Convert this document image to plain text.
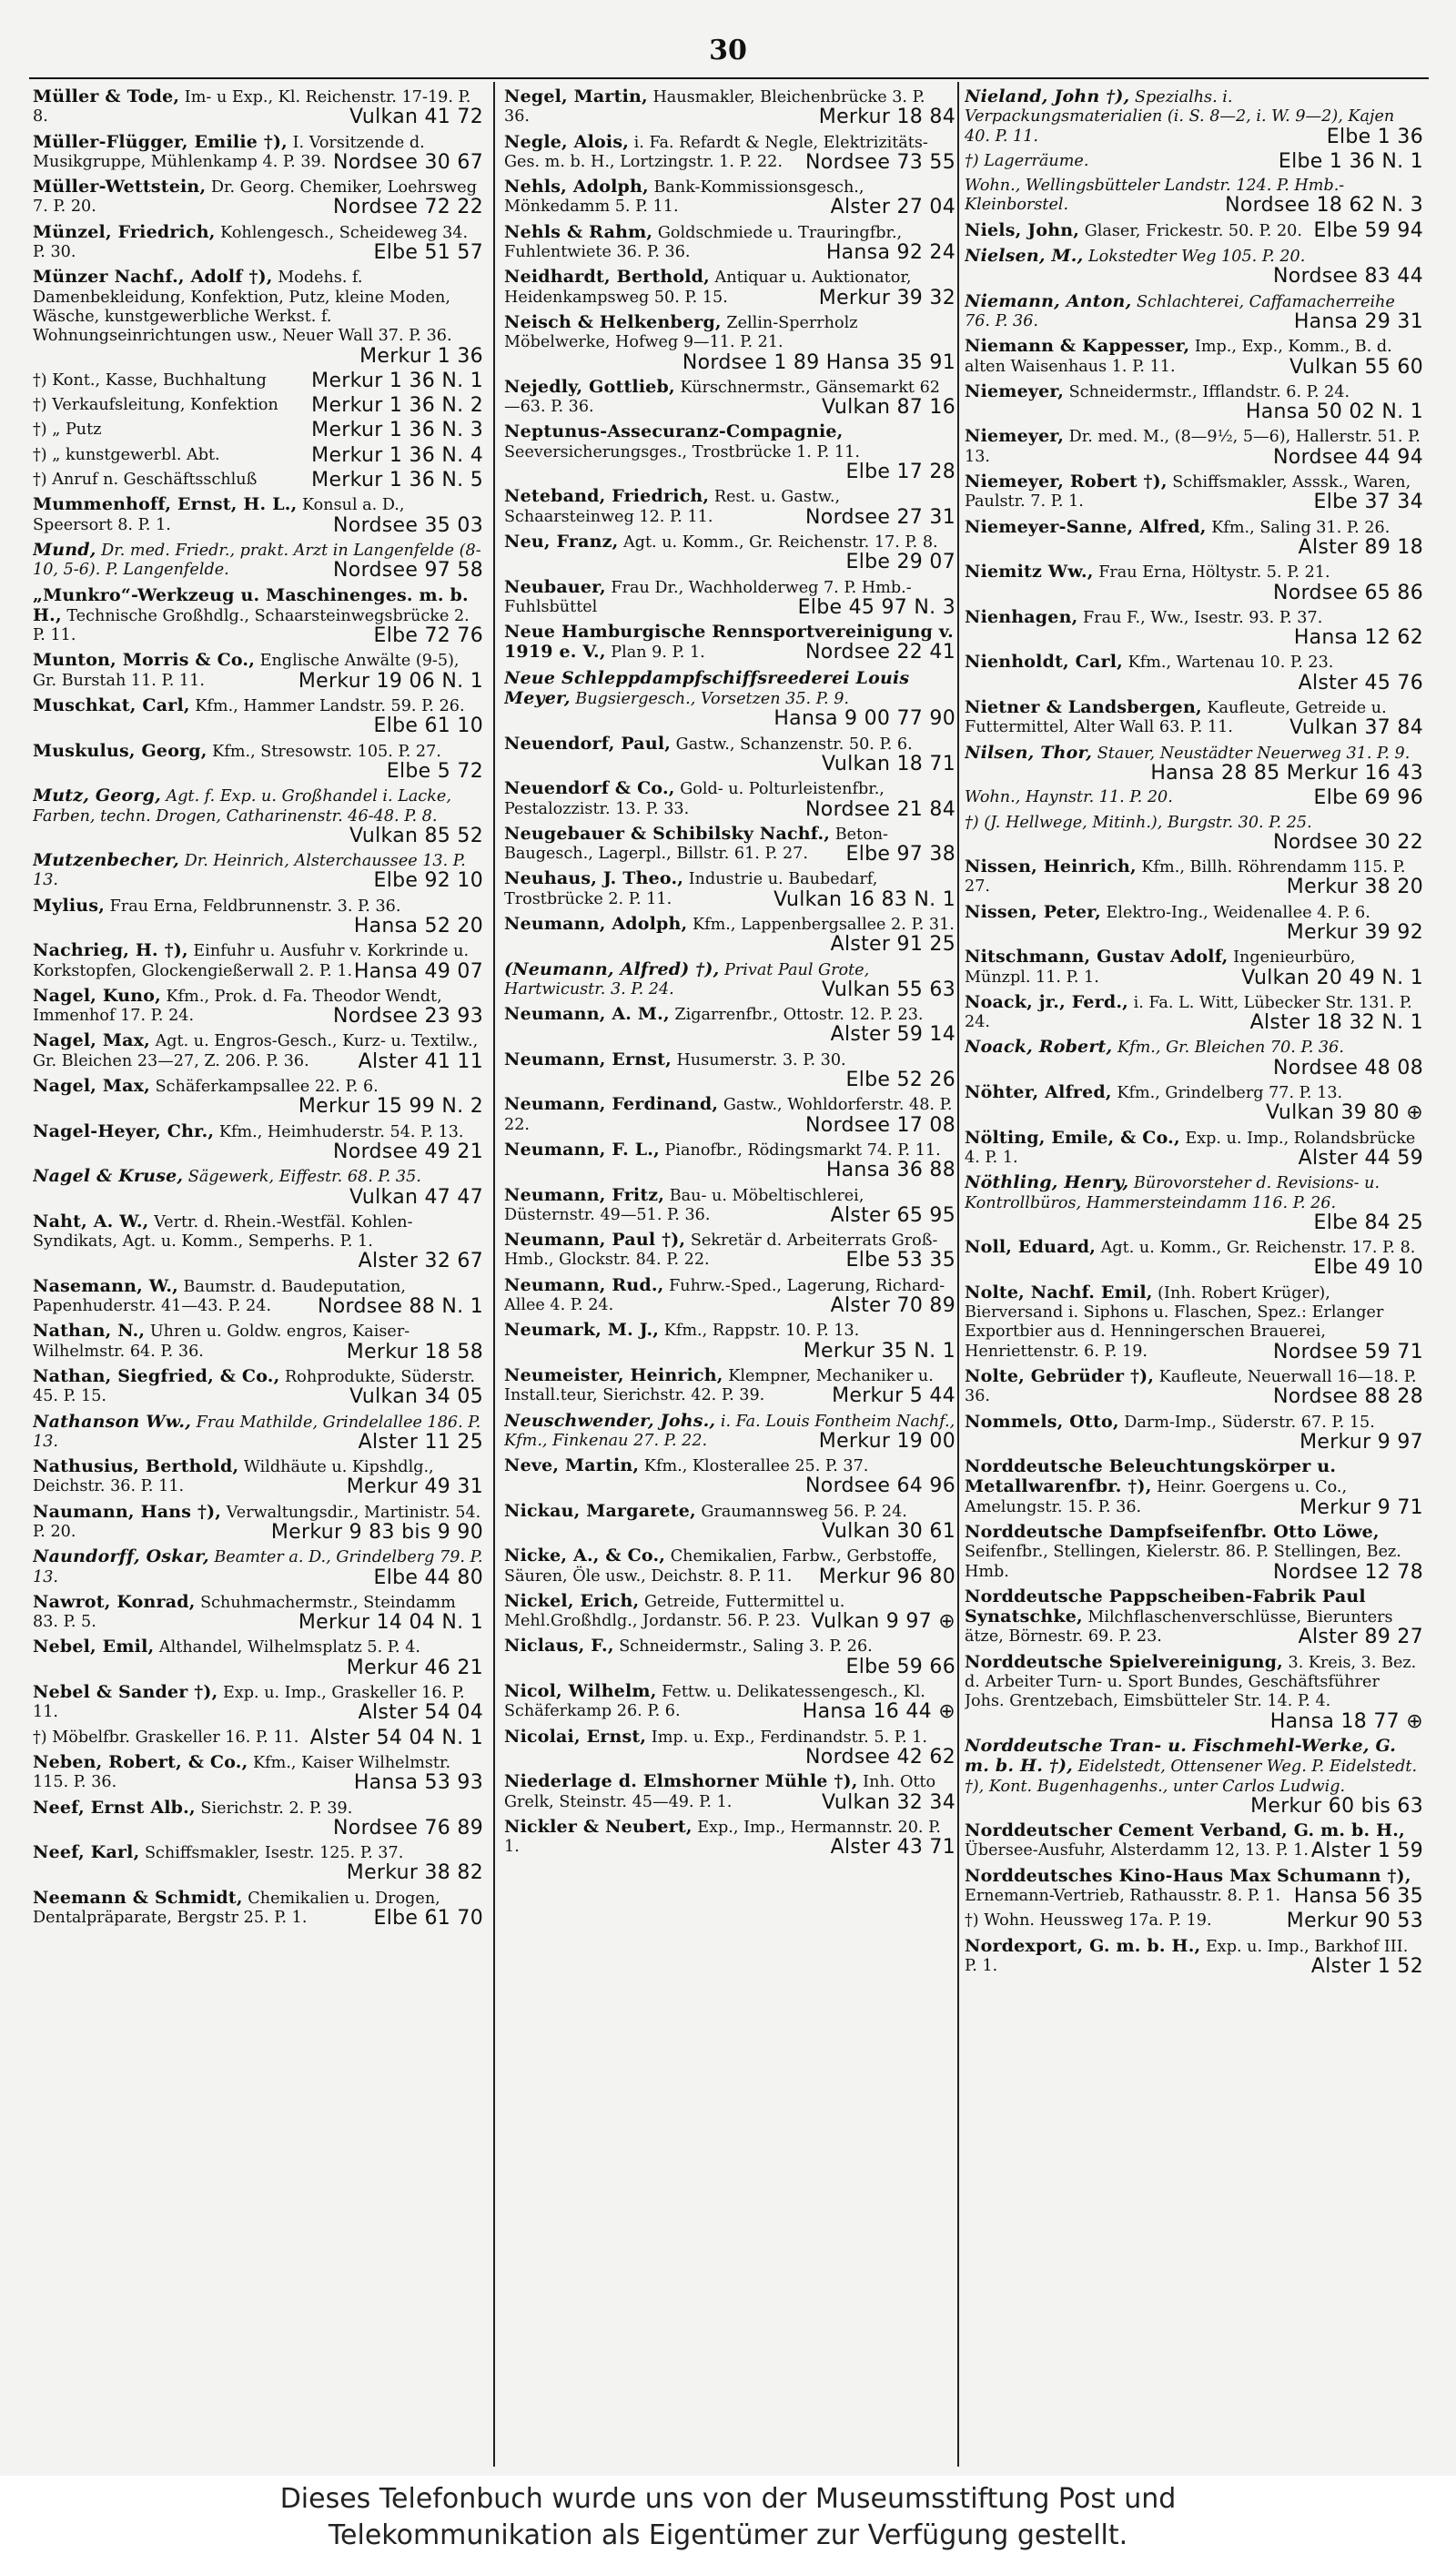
30
Müller & Tode, Im- u Exp., Kl. Reichenstr. 17-19. P. 8.	Vulkan 41 72
Müller-Flügger, Emilie †), I. Vorsitzende d. Musikgruppe, Mühlenkamp 4. P. 39. Nordsee 30 67
Müller-Wettstein, Dr. Georg. Chemiker, Loehrsweg 7. P. 20.	Nordsee 72 22
Münzel, Friedrich, Kohlengesch., Scheideweg 34. P. 30.	Elbe 51 57
Münzer Nachf., Adolf †), Modehs. f. Damenbekleidung, Konfektion, Putz, kleine Moden, Wäsche, kunstgewerbliche Werkst. f. Wohnungseinrichtungen usw., Neuer Wall 37. P. 36.
Merkur 1 36
†) Kont., Kasse, Buchhaltung Merkur 1 36 N. 1
†) Verkaufsleitung, Konfektion Merkur 1 36 N. 2
†) „ Putz	Merkur 1 36 N. 3
†) „ kunstgewerbl. Abt.	Merkur 1 36 N. 4
†) Anruf n. Geschäftsschluß	Merkur 1 36 N. 5
Mummenhoff, Ernst, H. L., Konsul a. D., Speersort 8. P. 1.	Nordsee 35 03
Mund, Dr. med. Friedr., prakt. Arzt in Langenfelde (8-10, 5-6). P. Langenfelde.	Nordsee 97 58
„Munkro“-Werkzeug u. Maschinenges. m. b. H., Technische Großhdlg., Schaarsteinwegsbrücke 2. P. 11.	Elbe 72 76
Munton, Morris & Co., Englische Anwälte (9-5), Gr. Burstah 11. P. 11.	Merkur 19 06 N. 1
Muschkat, Carl, Kfm., Hammer Landstr. 59. P. 26.
Elbe 61 10
Muskulus, Georg, Kfm., Stresowstr. 105. P. 27.
Elbe 5 72
Mutz, Georg, Agt. f. Exp. u. Großhandel i. Lacke, Farben, techn. Drogen, Catharinenstr. 46-48. P. 8.
Vulkan 85 52
Mutzenbecher, Dr. Heinrich, Alsterchaussee 13. P. 13.	Elbe 92 10
Mylius, Frau Erna, Feldbrunnenstr. 3. P. 36.
Hansa 52 20
Nachrieg, H. †), Einfuhr u. Ausfuhr v. Korkrinde u. Korkstopfen, Glockengießerwall 2. P. 1. Hansa 49 07
Nagel, Kuno, Kfm., Prok. d. Fa. Theodor Wendt, Immenhof 17. P. 24.	Nordsee 23 93
Nagel, Max, Agt. u. Engros-Gesch., Kurz- u. Textilw., Gr. Bleichen 23—27, Z. 206. P. 36. Alster 41 11
Nagel, Max, Schäferkampsallee 22. P. 6.
Merkur 15 99 N. 2
Nagel-Heyer, Chr., Kfm., Heimhuderstr. 54. P. 13.
Nordsee 49 21
Nagel & Kruse, Sägewerk, Eiffestr. 68. P. 35.
Vulkan 47 47
Naht, A. W., Vertr. d. Rhein.-Westfäl. Kohlen-Syndikats, Agt. u. Komm., Semperhs. P. 1.
Alster 32 67
Nasemann, W., Baumstr. d. Baudeputation, Papenhuderstr. 41—43. P. 24. Nordsee 88 N. 1
Nathan, N., Uhren u. Goldw. engros, Kaiser-Wilhelmstr. 64. P. 36.	Merkur 18 58
Nathan, Siegfried, & Co., Rohprodukte, Süderstr. 45. P. 15.	Vulkan 34 05
Nathanson Ww., Frau Mathilde, Grindelallee 186. P. 13.	Alster 11 25
Nathusius, Berthold, Wildhäute u. Kipshdlg., Deichstr. 36. P. 11.	Merkur 49 31
Naumann, Hans †), Verwaltungsdir., Martinistr. 54. P. 20.	Merkur 9 83 bis 9 90
Naundorff, Oskar, Beamter a. D., Grindelberg 79. P. 13.	Elbe 44 80
Nawrot, Konrad, Schuhmachermstr., Steindamm 83. P. 5.	Merkur 14 04 N. 1
Nebel, Emil, Althandel, Wilhelmsplatz 5. P. 4.
Merkur 46 21
Nebel & Sander †), Exp. u. Imp., Graskeller 16. P. 11.	Alster 54 04
†) Möbelfbr. Graskeller 16. P. 11. Alster 54 04 N. 1
Neben, Robert, & Co., Kfm., Kaiser Wilhelmstr. 115. P. 36.	Hansa 53 93
Neef, Ernst Alb., Sierichstr. 2. P. 39.
Nordsee 76 89
Neef, Karl, Schiffsmakler, Isestr. 125. P. 37.
Merkur 38 82
Neemann & Schmidt, Chemikalien u. Drogen, Dentalpräparate, Bergstr 25. P. 1.	Elbe 61 70
Negel, Martin, Hausmakler, Bleichenbrücke 3. P. 36.	Merkur 18 84
Negle, Alois, i. Fa. Refardt & Negle, Elektrizitäts-Ges. m. b. H., Lortzingstr. 1. P. 22. Nordsee 73 55
Nehls, Adolph, Bank-Kommissionsgesch., Mönkedamm 5. P. 11.	Alster 27 04
Nehls & Rahm, Goldschmiede u. Trauringfbr., Fuhlentwiete 36. P. 36.	Hansa 92 24
Neidhardt, Berthold, Antiquar u. Auktionator, Heidenkampsweg 50. P. 15.	Merkur 39 32
Neisch & Helkenberg, Zellin-Sperrholz Möbelwerke, Hofweg 9—11. P. 21.
Nordsee 1 89 Hansa 35 91
Nejedly, Gottlieb, Kürschnermstr., Gänsemarkt 62—63. P. 36.	Vulkan 87 16
Neptunus-Assecuranz-Compagnie, Seeversicherungsges., Trostbrücke 1. P. 11.
Elbe 17 28
Neteband, Friedrich, Rest. u. Gastw., Schaarsteinweg 12. P. 11.	Nordsee 27 31
Neu, Franz, Agt. u. Komm., Gr. Reichenstr. 17. P. 8.
Elbe 29 07
Neubauer, Frau Dr., Wachholderweg 7. P. Hmb.-Fuhlsbüttel	Elbe 45 97 N. 3
Neue Hamburgische Rennsportvereinigung v. 1919 e. V., Plan 9. P. 1.	Nordsee 22 41
Neue Schleppdampfschiffsreederei Louis Meyer, Bugsiergesch., Vorsetzen 35. P. 9.
Hansa 9 00 77 90
Neuendorf, Paul, Gastw., Schanzenstr. 50. P. 6.
Vulkan 18 71
Neuendorf & Co., Gold- u. Polturleistenfbr., Pestalozzistr. 13. P. 33.	Nordsee 21 84
Neugebauer & Schibilsky Nachf., Beton-Baugesch., Lagerpl., Billstr. 61. P. 27. Elbe 97 38
Neuhaus, J. Theo., Industrie u. Baubedarf, Trostbrücke 2. P. 11.	Vulkan 16 83 N. 1
Neumann, Adolph, Kfm., Lappenbergsallee 2. P. 31.
Alster 91 25
(Neumann, Alfred) †), Privat Paul Grote, Hartwicustr. 3. P. 24.	Vulkan 55 63
Neumann, A. M., Zigarrenfbr., Ottostr. 12. P. 23.
Alster 59 14
Neumann, Ernst, Husumerstr. 3. P. 30.
Elbe 52 26
Neumann, Ferdinand, Gastw., Wohldorferstr. 48. P. 22.	Nordsee 17 08
Neumann, F. L., Pianofbr., Rödingsmarkt 74. P. 11.
Hansa 36 88
Neumann, Fritz, Bau- u. Möbeltischlerei, Düsternstr. 49—51. P. 36.	Alster 65 95
Neumann, Paul †), Sekretär d. Arbeiterrats Groß-Hmb., Glockstr. 84. P. 22.	Elbe 53 35
Neumann, Rud., Fuhrw.-Sped., Lagerung, Richard-Allee 4. P. 24.	Alster 70 89
Neumark, M. J., Kfm., Rappstr. 10. P. 13.
Merkur 35 N. 1
Neumeister, Heinrich, Klempner, Mechaniker u. Install.teur, Sierichstr. 42. P. 39.	Merkur 5 44
Neuschwender, Johs., i. Fa. Louis Fontheim Nachf., Kfm., Finkenau 27. P. 22.	Merkur 19 00
Neve, Martin, Kfm., Klosterallee 25. P. 37.
Nordsee 64 96
Nickau, Margarete, Graumannsweg 56. P. 24.
Vulkan 30 61
Nicke, A., & Co., Chemikalien, Farbw., Gerbstoffe, Säuren, Öle usw., Deichstr. 8. P. 11. Merkur 96 80
Nickel, Erich, Getreide, Futtermittel u. Mehl.Großhdlg., Jordanstr. 56. P. 23. Vulkan 9 97 ⊕
Niclaus, F., Schneidermstr., Saling 3. P. 26.
Elbe 59 66
Nicol, Wilhelm, Fettw. u. Delikatessengesch., Kl. Schäferkamp 26. P. 6.	Hansa 16 44 ⊕
Nicolai, Ernst, Imp. u. Exp., Ferdinandstr. 5. P. 1.
Nordsee 42 62
Niederlage d. Elmshorner Mühle †), Inh. Otto Grelk, Steinstr. 45—49. P. 1.	Vulkan 32 34
Nickler & Neubert, Exp., Imp., Hermannstr. 20. P. 1.	Alster 43 71
Nieland, John †), Spezialhs. i. Verpackungsmaterialien (i. S. 8—2, i. W. 9—2), Kajen 40. P. 11.	Elbe 1 36
†) Lagerräume.	Elbe 1 36 N. 1
Wohn., Wellingsbütteler Landstr. 124. P. Hmb.-Kleinborstel.	Nordsee 18 62 N. 3
Niels, John, Glaser, Frickestr. 50. P. 20. Elbe 59 94
Nielsen, M., Lokstedter Weg 105. P. 20.
Nordsee 83 44
Niemann, Anton, Schlachterei, Caffamacherreihe 76. P. 36.	Hansa 29 31
Niemann & Kappesser, Imp., Exp., Komm., B. d. alten Waisenhaus 1. P. 11.	Vulkan 55 60
Niemeyer, Schneidermstr., Ifflandstr. 6. P. 24.
Hansa 50 02 N. 1
Niemeyer, Dr. med. M., (8—9½, 5—6), Hallerstr. 51. P. 13.	Nordsee 44 94
Niemeyer, Robert †), Schiffsmakler, Asssk., Waren, Paulstr. 7. P. 1.	Elbe 37 34
Niemeyer-Sanne, Alfred, Kfm., Saling 31. P. 26.
Alster 89 18
Niemitz Ww., Frau Erna, Höltystr. 5. P. 21.
Nordsee 65 86
Nienhagen, Frau F., Ww., Isestr. 93. P. 37.
Hansa 12 62
Nienholdt, Carl, Kfm., Wartenau 10. P. 23.
Alster 45 76
Nietner & Landsbergen, Kaufleute, Getreide u. Futtermittel, Alter Wall 63. P. 11.	Vulkan 37 84
Nilsen, Thor, Stauer, Neustädter Neuerweg 31. P. 9.
Hansa 28 85 Merkur 16 43
Wohn., Haynstr. 11. P. 20.	Elbe 69 96
†) (J. Hellwege, Mitinh.), Burgstr. 30. P. 25.
Nordsee 30 22
Nissen, Heinrich, Kfm., Billh. Röhrendamm 115. P. 27.	Merkur 38 20
Nissen, Peter, Elektro-Ing., Weidenallee 4. P. 6.
Merkur 39 92
Nitschmann, Gustav Adolf, Ingenieurbüro, Münzpl. 11. P. 1.	Vulkan 20 49 N. 1
Noack, jr., Ferd., i. Fa. L. Witt, Lübecker Str. 131. P. 24.	Alster 18 32 N. 1
Noack, Robert, Kfm., Gr. Bleichen 70. P. 36.
Nordsee 48 08
Nöhter, Alfred, Kfm., Grindelberg 77. P. 13.
Vulkan 39 80 ⊕
Nölting, Emile, & Co., Exp. u. Imp., Rolandsbrücke 4. P. 1.	Alster 44 59
Nöthling, Henry, Bürovorsteher d. Revisions- u. Kontrollbüros, Hammersteindamm 116. P. 26.
Elbe 84 25
Noll, Eduard, Agt. u. Komm., Gr. Reichenstr. 17. P. 8.
Elbe 49 10
Nolte, Nachf. Emil, (Inh. Robert Krüger), Bierversand i. Siphons u. Flaschen, Spez.: Erlanger Exportbier aus d. Henningerschen Brauerei, Henriettenstr. 6. P. 19.	Nordsee 59 71
Nolte, Gebrüder †), Kaufleute, Neuerwall 16—18. P. 36.	Nordsee 88 28
Nommels, Otto, Darm-Imp., Süderstr. 67. P. 15.
Merkur 9 97
Norddeutsche Beleuchtungskörper u. Metallwarenfbr. †), Heinr. Goergens u. Co., Amelungstr. 15. P. 36.	Merkur 9 71
Norddeutsche Dampfseifenfbr. Otto Löwe, Seifenfbr., Stellingen, Kielerstr. 86. P. Stellingen, Bez. Hmb.	Nordsee 12 78
Norddeutsche Pappscheiben-Fabrik Paul Synatschke, Milchflaschenverschlüsse, Bierunters ätze, Börnestr. 69. P. 23.	Alster 89 27
Norddeutsche Spielvereinigung, 3. Kreis, 3. Bez. d. Arbeiter Turn- u. Sport Bundes, Geschäftsführer Johs. Grentzebach, Eimsbütteler Str. 14. P. 4.
Hansa 18 77 ⊕
Norddeutsche Tran- u. Fischmehl-Werke, G. m. b. H. †), Eidelstedt, Ottensener Weg. P. Eidelstedt. †), Kont. Bugenhagenhs., unter Carlos Ludwig.
Merkur 60 bis 63
Norddeutscher Cement Verband, G. m. b. H., Übersee-Ausfuhr, Alsterdamm 12, 13. P. 1. Alster 1 59
Norddeutsches Kino-Haus Max Schumann †), Ernemann-Vertrieb, Rathausstr. 8. P. 1. Hansa 56 35
†) Wohn. Heussweg 17a. P. 19.	Merkur 90 53
Nordexport, G. m. b. H., Exp. u. Imp., Barkhof III. P. 1.	Alster 1 52
Dieses Telefonbuch wurde uns von der Museumsstiftung Post und
Telekommunikation als Eigentümer zur Verfügung gestellt.
